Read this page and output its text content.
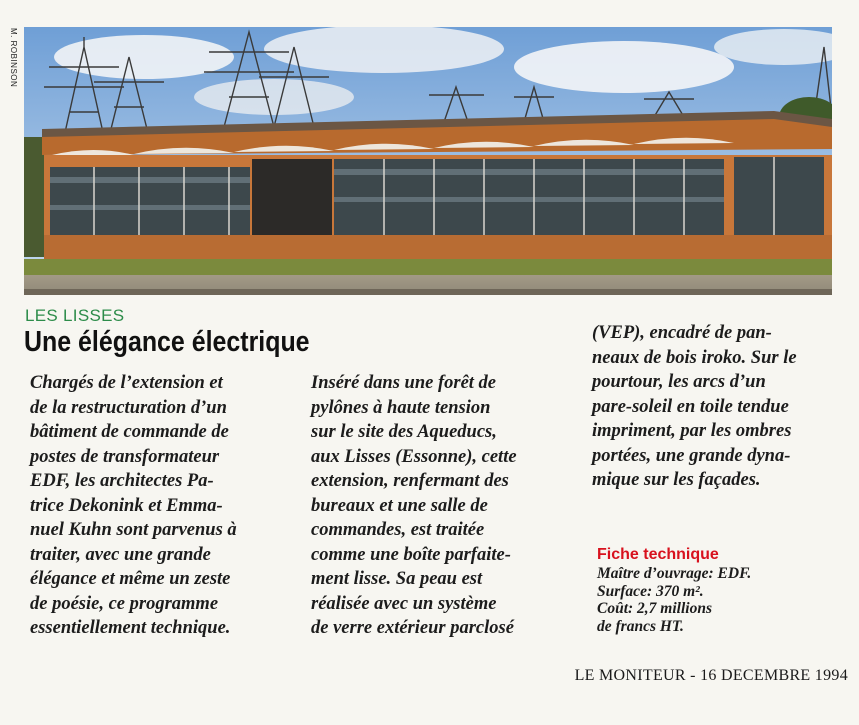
M. ROBINSON
LES LISSES
Une élégance électrique
Chargés de l’extension et
de la restructuration d’un
bâtiment de commande de
postes de transformateur
EDF, les architectes Pa-
trice Dekonink et Emma-
nuel Kuhn sont parvenus à
traiter, avec une grande
élégance et même un zeste
de poésie, ce programme
essentiellement technique.
Inséré dans une forêt de
pylônes à haute tension
sur le site des Aqueducs,
aux Lisses (Essonne), cette
extension, renfermant des
bureaux et une salle de
commandes, est traitée
comme une boîte parfaite-
ment lisse. Sa peau est
réalisée avec un système
de verre extérieur parclosé
(VEP), encadré de pan-
neaux de bois iroko. Sur le
pourtour, les arcs d’un
pare-soleil en toile tendue
impriment, par les ombres
portées, une grande dyna-
mique sur les façades.
Fiche technique
Maître d’ouvrage: EDF.
Surface: 370 m².
Coût: 2,7 millions
de francs HT.
LE MONITEUR - 16 DECEMBRE 1994
